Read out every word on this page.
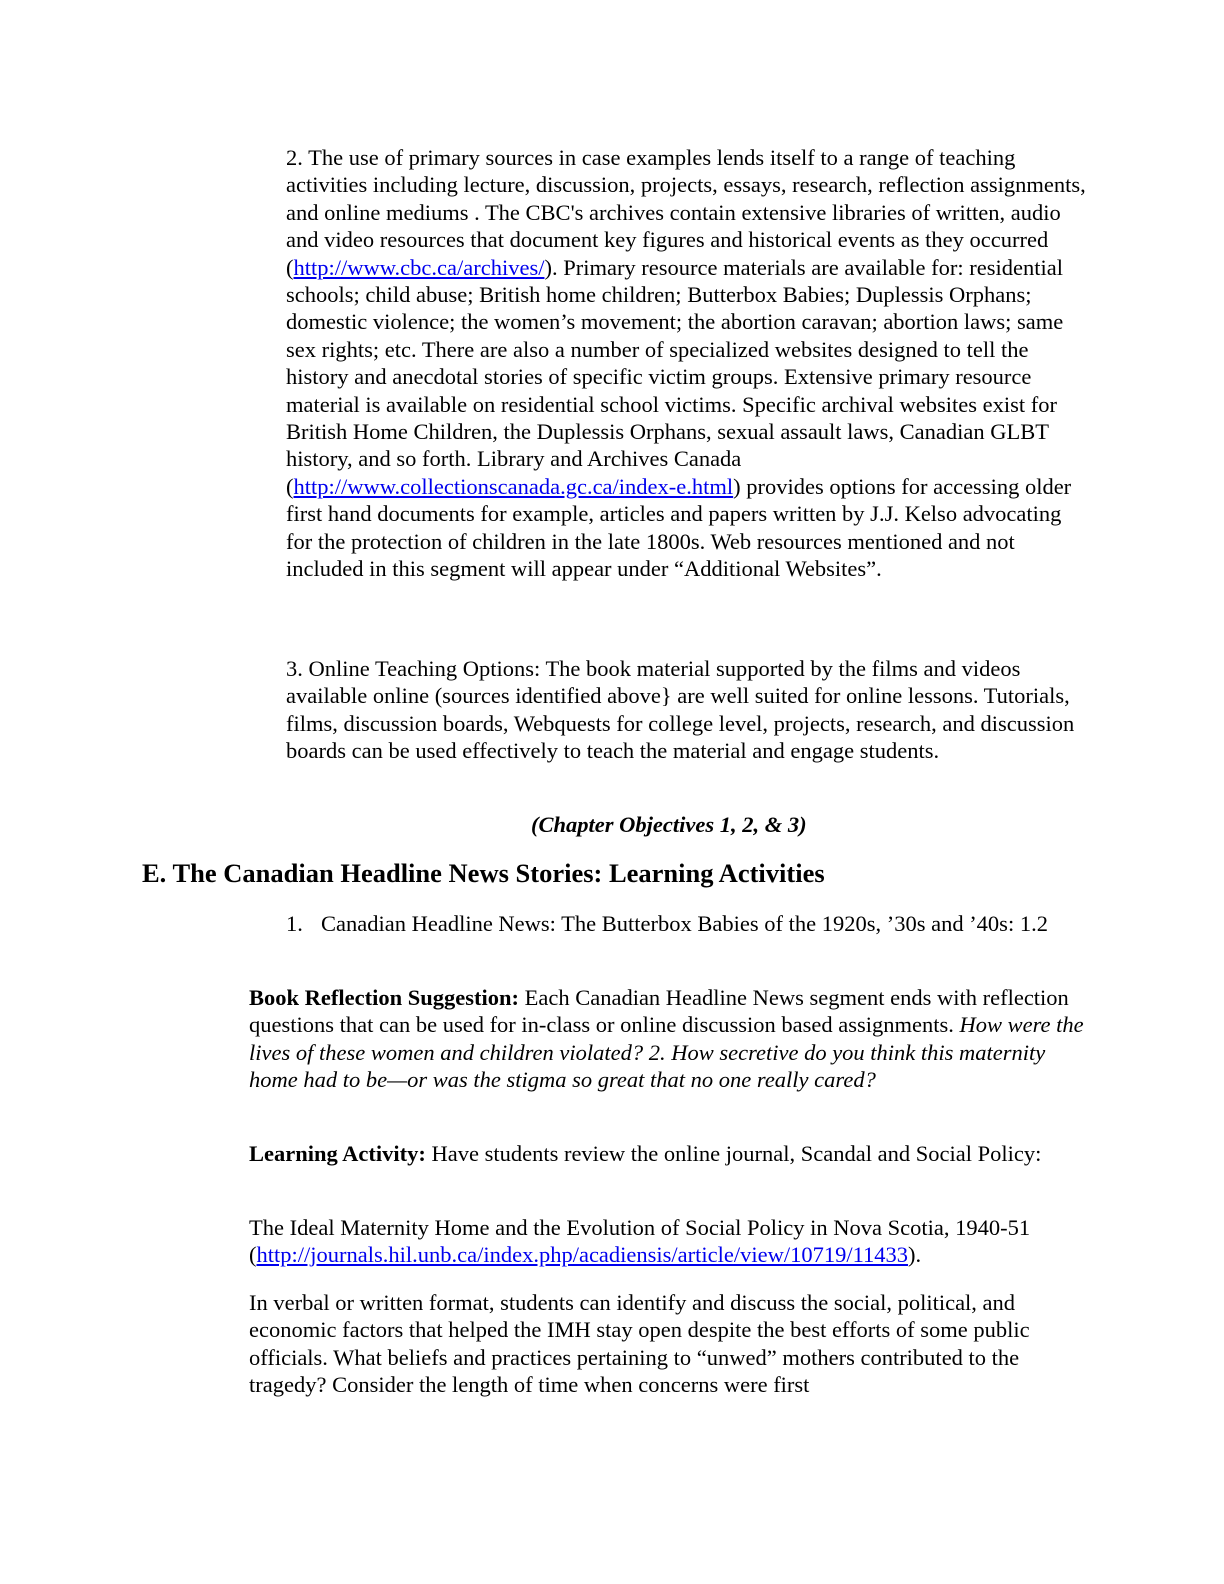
2. The use of primary sources in case examples lends itself to a range of teaching activities including lecture, discussion, projects, essays, research, reflection assignments, and online mediums . The CBC's archives contain extensive libraries of written, audio and video resources that document key figures and historical events as they occurred (http://www.cbc.ca/archives/). Primary resource materials are available for: residential schools; child abuse; British home children; Butterbox Babies; Duplessis Orphans; domestic violence; the women’s movement; the abortion caravan; abortion laws; same sex rights; etc. There are also a number of specialized websites designed to tell the history and anecdotal stories of specific victim groups. Extensive primary resource material is available on residential school victims. Specific archival websites exist for British Home Children, the Duplessis Orphans, sexual assault laws, Canadian GLBT history, and so forth. Library and Archives Canada (http://www.collectionscanada.gc.ca/index-e.html) provides options for accessing older first hand documents for example, articles and papers written by J.J. Kelso advocating for the protection of children in the late 1800s. Web resources mentioned and not included in this segment will appear under “Additional Websites”.

3. Online Teaching Options: The book material supported by the films and videos available online (sources identified above} are well suited for online lessons. Tutorials, films, discussion boards, Webquests for college level, projects, research, and discussion boards can be used effectively to teach the material and engage students.

(Chapter Objectives 1, 2, & 3)

E. The Canadian Headline News Stories: Learning Activities
1. Canadian Headline News: The Butterbox Babies of the 1920s, ’30s and ’40s: 1.2

Book Reflection Suggestion: Each Canadian Headline News segment ends with reflection questions that can be used for in-class or online discussion based assignments. How were the lives of these women and children violated? 2. How secretive do you think this maternity home had to be—or was the stigma so great that no one really cared?

Learning Activity: Have students review the online journal, Scandal and Social Policy:

The Ideal Maternity Home and the Evolution of Social Policy in Nova Scotia, 1940-51 (http://journals.hil.unb.ca/index.php/acadiensis/article/view/10719/11433).

In verbal or written format, students can identify and discuss the social, political, and economic factors that helped the IMH stay open despite the best efforts of some public officials. What beliefs and practices pertaining to “unwed” mothers contributed to the tragedy? Consider the length of time when concerns were first
